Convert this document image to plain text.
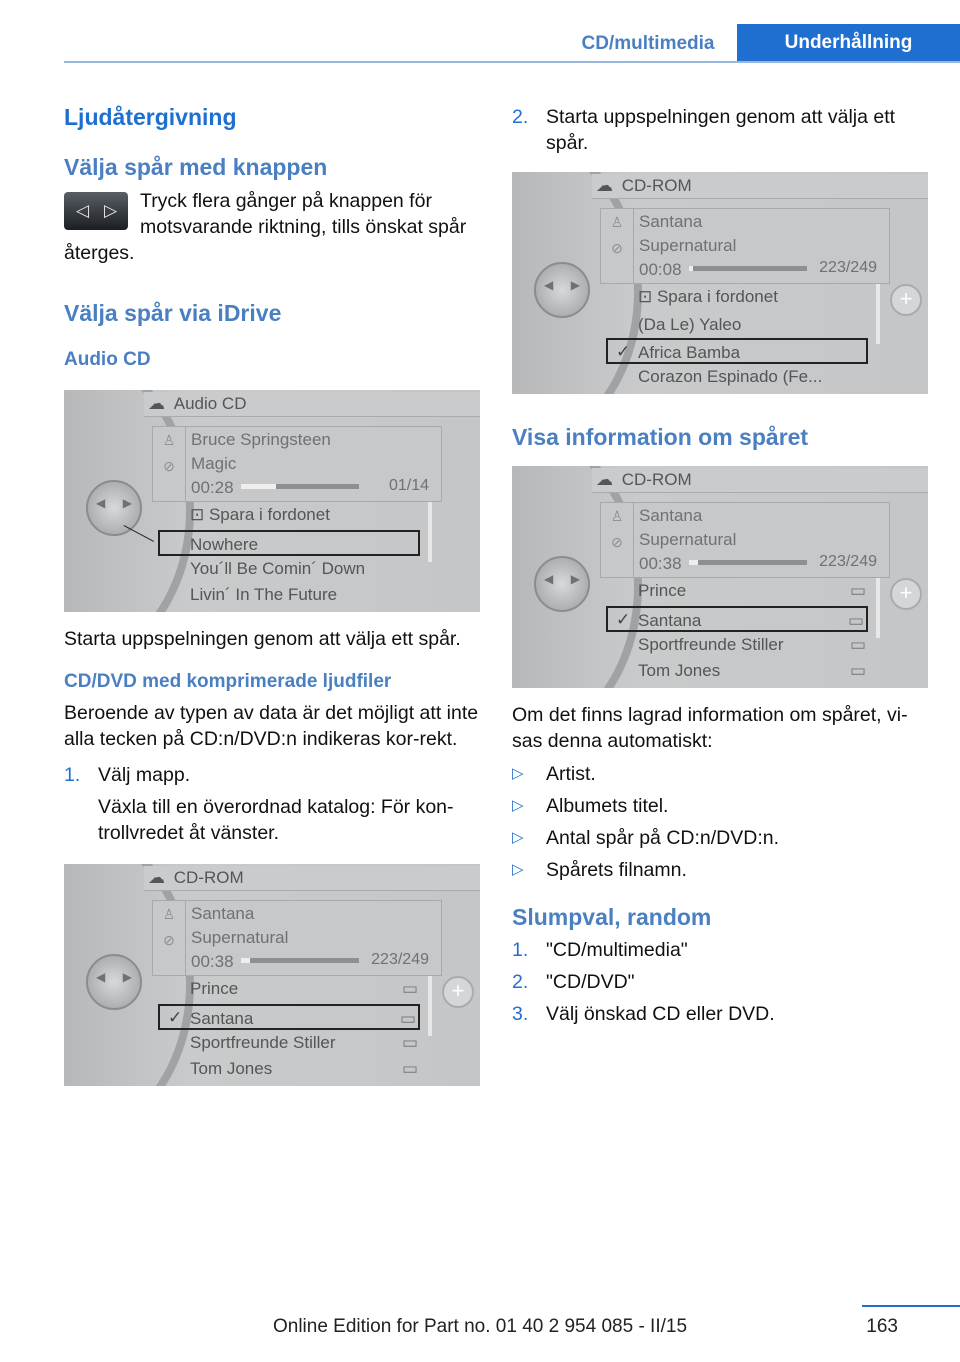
CD/multimedia	Underhållning
Ljudåtergivning
Välja spår med knappen
◁ ▷	Tryck flera gånger på knappen för motsvarande riktning, tills önskat spår återges.

Välja spår via iDrive
Audio CD
◀ ▶
☁ Audio CD
♙
⊘
Bruce Springsteen
Magic
00:28	01/14
⊡ Spara i fordonet
Nowhere
You´ll Be Comin´ Down
Livin´ In The Future

Starta uppspelningen genom att välja ett spår.

CD/DVD med komprimerade ljudfiler

Beroende av typen av data är det möjligt att inte alla tecken på CD:n/DVD:n indikeras kor-rekt.

1. Välj mapp.
Växla till en överordnad katalog: För kon-trollvredet åt vänster.
◀ ▶
+
☁ CD-ROM
♙
⊘
Santana
Supernatural
00:38	223/249
Prince	▭
✓ Santana	▭
Sportfreunde Stiller	▭
Tom Jones	▭
2. Starta uppspelningen genom att välja ett spår.
◀ ▶
+
☁ CD-ROM
♙
⊘
Santana
Supernatural
00:08	223/249
⊡ Spara i fordonet
(Da Le) Yaleo
✓ Africa Bamba
Corazon Espinado (Fe...
Visa information om spåret
◀ ▶
+
☁ CD-ROM
♙
⊘
Santana
Supernatural
00:38	223/249
Prince	▭
✓ Santana	▭
Sportfreunde Stiller	▭
Tom Jones	▭

Om det finns lagrad information om spåret, vi-sas denna automatiskt:

▷ Artist.
▷ Albumets titel.
▷ Antal spår på CD:n/DVD:n.
▷ Spårets filnamn.
Slumpval, random
1. "CD/multimedia"
2. "CD/DVD"
3. Välj önskad CD eller DVD.
163
Online Edition for Part no. 01 40 2 954 085 - II/15
